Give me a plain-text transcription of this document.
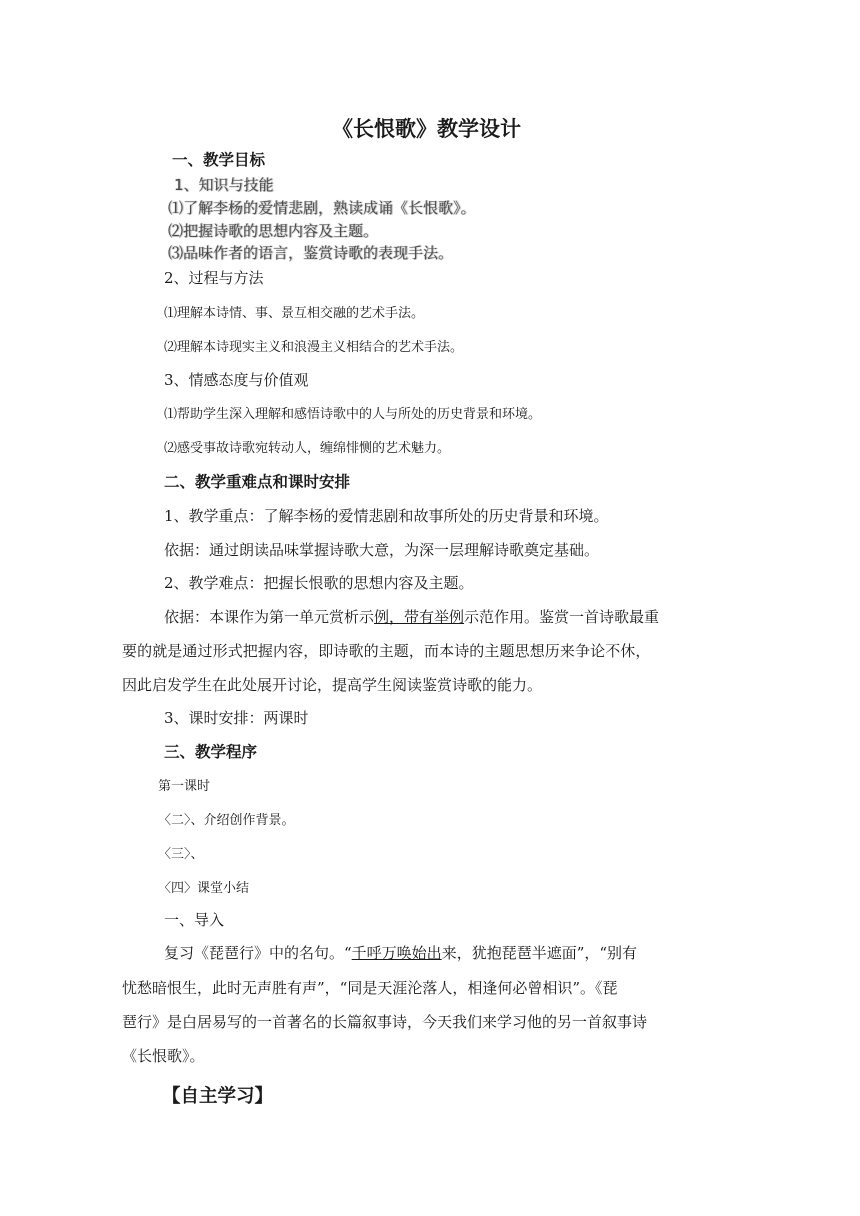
《长恨歌》教学设计
一、教学目标
1、知识与技能
⑴了解李杨的爱情悲剧，熟读成诵《长恨歌》。
⑵把握诗歌的思想内容及主题。
⑶品味作者的语言，鉴赏诗歌的表现手法。
2、过程与方法
⑴理解本诗情、事、景互相交融的艺术手法。
⑵理解本诗现实主义和浪漫主义相结合的艺术手法。
3、情感态度与价值观
⑴帮助学生深入理解和感悟诗歌中的人与所处的历史背景和环境。
⑵感受事故诗歌宛转动人，缠绵悱恻的艺术魅力。
二、教学重难点和课时安排
1、教学重点：了解李杨的爱情悲剧和故事所处的历史背景和环境。
依据：通过朗读品味掌握诗歌大意，为深一层理解诗歌奠定基础。
2、教学难点：把握长恨歌的思想内容及主题。
依据：本课作为第一单元赏析示例，带有举例示范作用。鉴赏一首诗歌最重
要的就是通过形式把握内容，即诗歌的主题，而本诗的主题思想历来争论不休，
因此启发学生在此处展开讨论，提高学生阅读鉴赏诗歌的能力。
3、课时安排：两课时
三、教学程序
第一课时
〈二〉、介绍创作背景。
〈三〉、
〈四〉课堂小结
一、导入
复习《琵琶行》中的名句。“千呼万唤始出来，犹抱琵琶半遮面”，“别有
忧愁暗恨生，此时无声胜有声”，“同是天涯沦落人，相逢何必曾相识”。《琵
琶行》是白居易写的一首著名的长篇叙事诗，今天我们来学习他的另一首叙事诗
《长恨歌》。
【自主学习】
